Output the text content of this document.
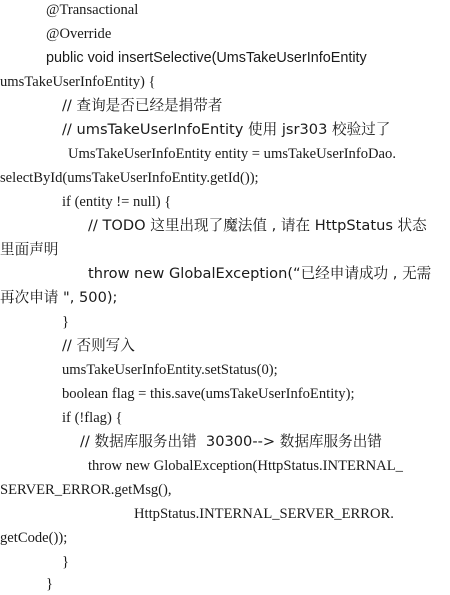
@Transactional
@Override
public void insertSelective(UmsTakeUserInfoEntity
umsTakeUserInfoEntity) {
// 查询是否已经是捐带者
// umsTakeUserInfoEntity 使用 jsr303 校验过了
UmsTakeUserInfoEntity entity = umsTakeUserInfoDao.
selectById(umsTakeUserInfoEntity.getId());
if (entity != null) {
// TODO 这里出现了魔法值 , 请在 HttpStatus 状态
里面声明
throw new GlobalException(“已经申请成功 , 无需
再次申请 ", 500);
}
// 否则写入
umsTakeUserInfoEntity.setStatus(0);
boolean flag = this.save(umsTakeUserInfoEntity);
if (!flag) {
// 数据库服务出错  30300--> 数据库服务出错
throw new GlobalException(HttpStatus.INTERNAL_
SERVER_ERROR.getMsg(),
HttpStatus.INTERNAL_SERVER_ERROR.
getCode());
}
}
